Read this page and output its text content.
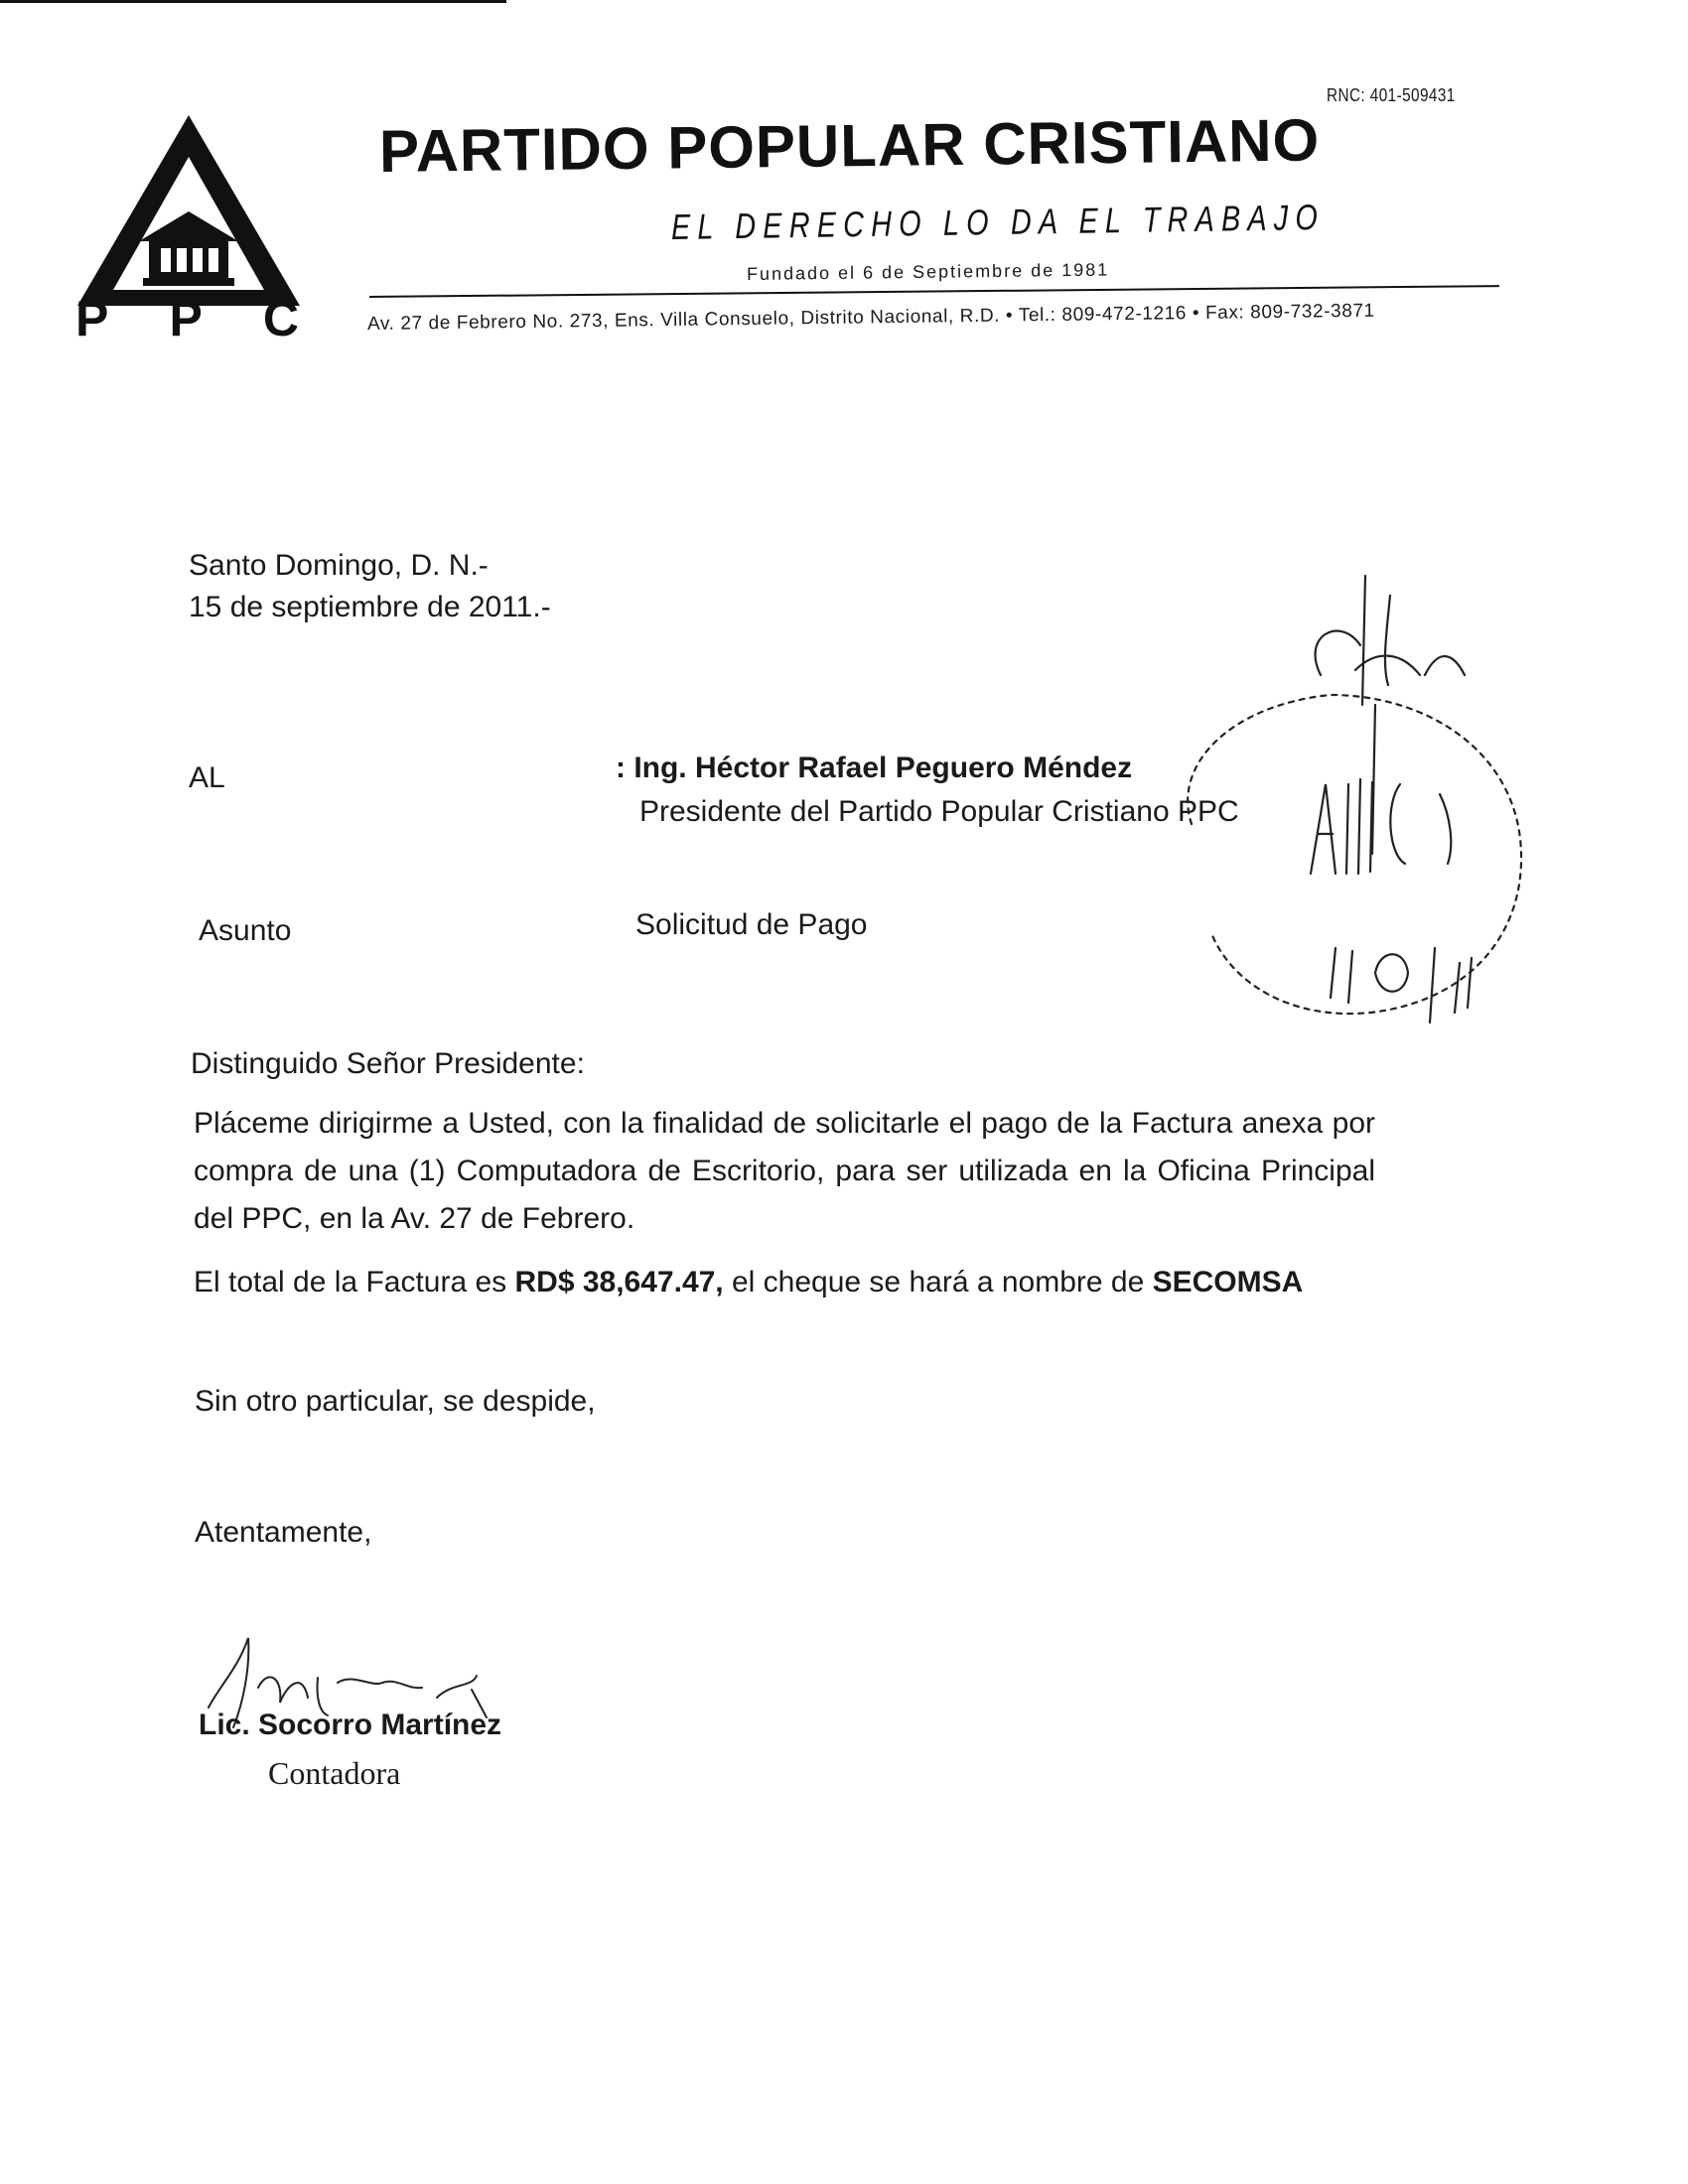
P P C
RNC: 401-509431
PARTIDO POPULAR CRISTIANO
EL DERECHO LO DA EL TRABAJO
Fundado el 6 de Septiembre de 1981
Av. 27 de Febrero No. 273, Ens. Villa Consuelo, Distrito Nacional, R.D. • Tel.: 809-472-1216 • Fax: 809-732-3871
Santo Domingo, D. N.-
15 de septiembre de 2011.-
AL	: Ing. Héctor Rafael Peguero Méndez
Presidente del Partido Popular Cristiano PPC
Asunto	Solicitud de Pago
Distinguido Señor Presidente:
Pláceme dirigirme a Usted, con la finalidad de solicitarle el pago de la Factura anexa por compra de una (1) Computadora de Escritorio, para ser utilizada en la Oficina Principal del PPC, en la Av. 27 de Febrero.
El total de la Factura es RD$ 38,647.47, el cheque se hará a nombre de SECOMSA
Sin otro particular, se despide,
Atentamente,
Lic. Socorro Martínez
Contadora
